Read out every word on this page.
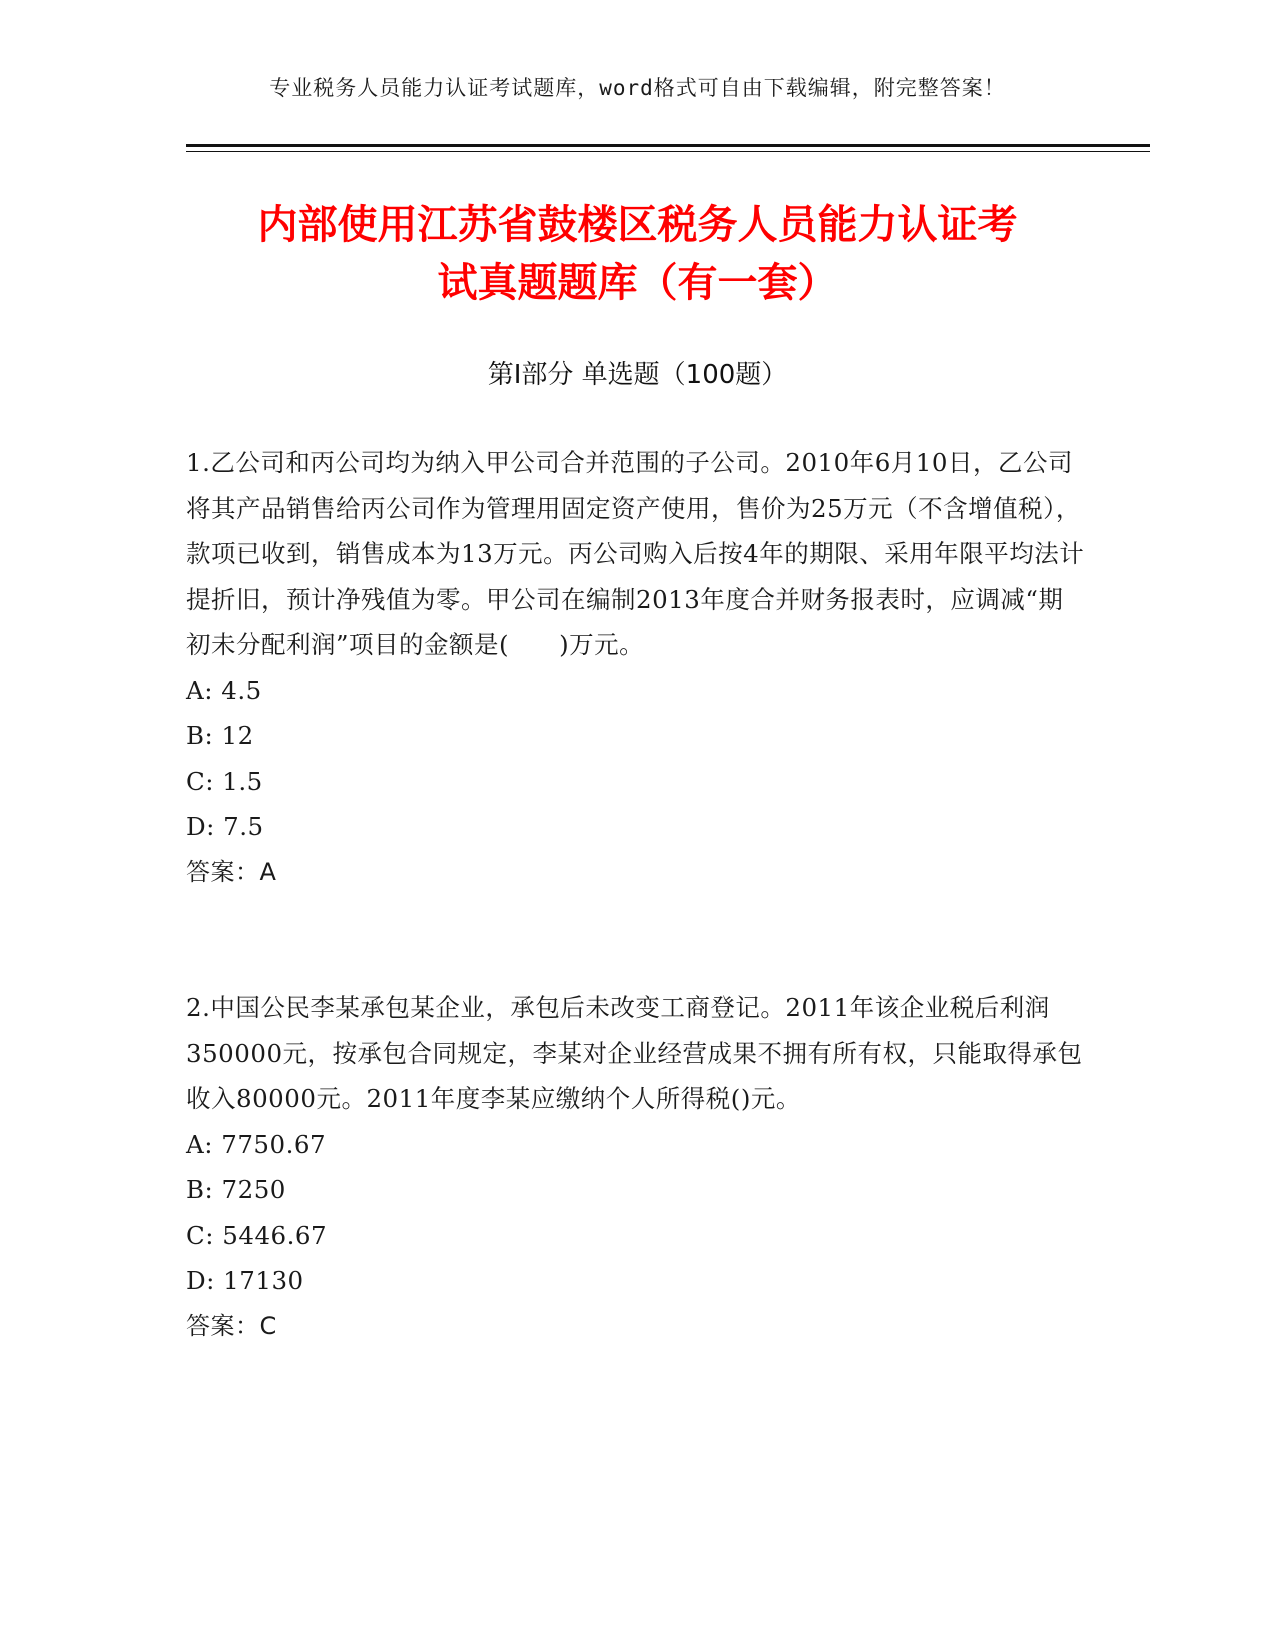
专业税务人员能力认证考试题库，word格式可自由下载编辑，附完整答案！
内部使用江苏省鼓楼区税务人员能力认证考
试真题题库（有一套）
第Ⅰ部分 单选题（100题）

1.乙公司和丙公司均为纳入甲公司合并范围的子公司。2010年6月10日，乙公司将其产品销售给丙公司作为管理用固定资产使用，售价为25万元（不含增值税），款项已收到，销售成本为13万元。丙公司购入后按4年的期限、采用年限平均法计提折旧，预计净残值为零。甲公司在编制2013年度合并财务报表时，应调减“期初未分配利润”项目的金额是(　　)万元。

A: 4.5

B: 12

C: 1.5

D: 7.5

答案：A

2.中国公民李某承包某企业，承包后未改变工商登记。2011年该企业税后利润350000元，按承包合同规定，李某对企业经营成果不拥有所有权，只能取得承包收入80000元。2011年度李某应缴纳个人所得税()元。

A: 7750.67

B: 7250

C: 5446.67

D: 17130

答案：C
